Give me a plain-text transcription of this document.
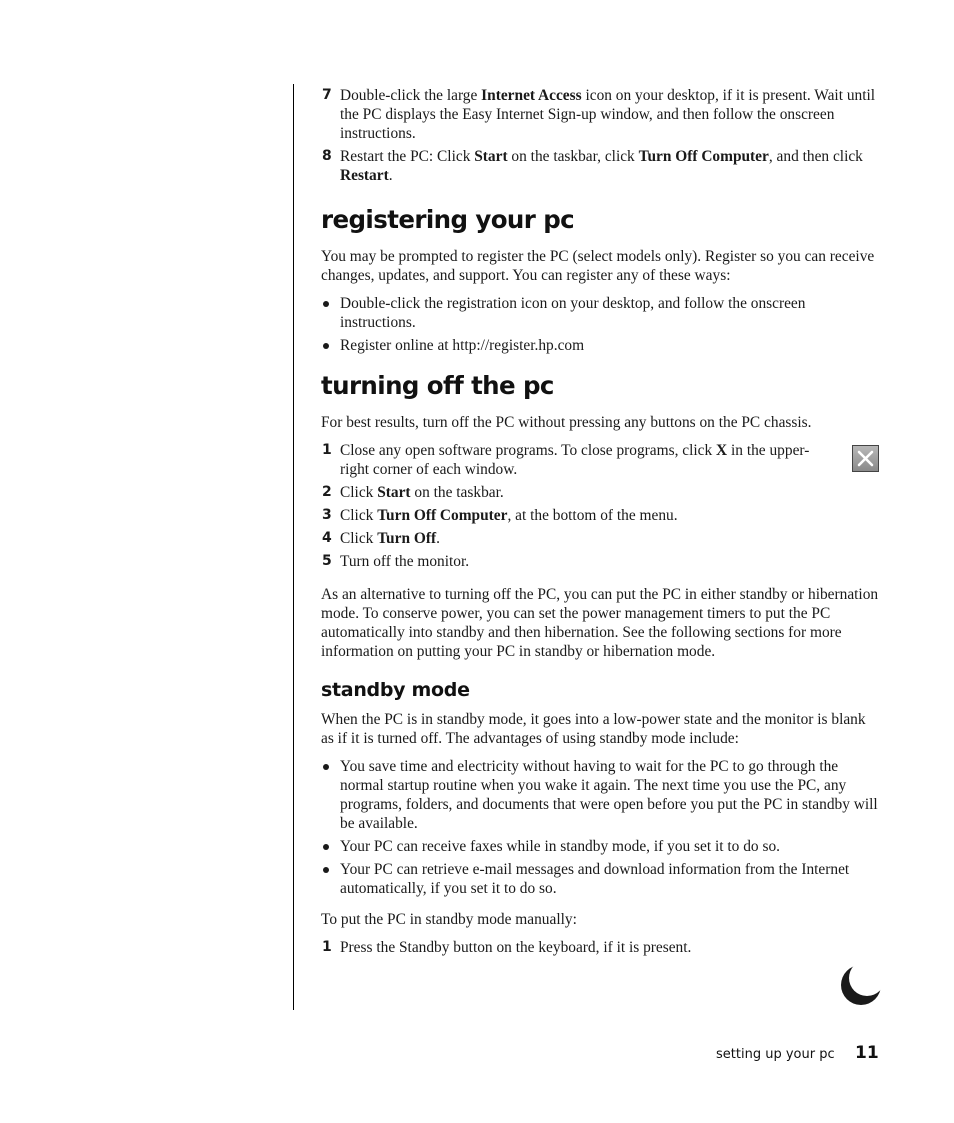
7 Double-click the large Internet Access icon on your desktop, if it is present. Wait until the PC displays the Easy Internet Sign-up window, and then follow the onscreen instructions.
8 Restart the PC: Click Start on the taskbar, click Turn Off Computer, and then click Restart.
registering your pc

You may be prompted to register the PC (select models only). Register so you can receive changes, updates, and support. You can register any of these ways:

Double-click the registration icon on your desktop, and follow the onscreen instructions.
Register online at http://register.hp.com
turning off the pc

For best results, turn off the PC without pressing any buttons on the PC chassis.

1 Close any open software programs. To close programs, click X in the upper-right corner of each window.
2 Click Start on the taskbar.
3 Click Turn Off Computer, at the bottom of the menu.
4 Click Turn Off.
5 Turn off the monitor.

As an alternative to turning off the PC, you can put the PC in either standby or hibernation mode. To conserve power, you can set the power management timers to put the PC automatically into standby and then hibernation. See the following sections for more information on putting your PC in standby or hibernation mode.

standby mode

When the PC is in standby mode, it goes into a low-power state and the monitor is blank as if it is turned off. The advantages of using standby mode include:

You save time and electricity without having to wait for the PC to go through the normal startup routine when you wake it again. The next time you use the PC, any programs, folders, and documents that were open before you put the PC in standby will be available.
Your PC can receive faxes while in standby mode, if you set it to do so.
Your PC can retrieve e-mail messages and download information from the Internet automatically, if you set it to do so.

To put the PC in standby mode manually:

1 Press the Standby button on the keyboard, if it is present.
setting up your pc 11
